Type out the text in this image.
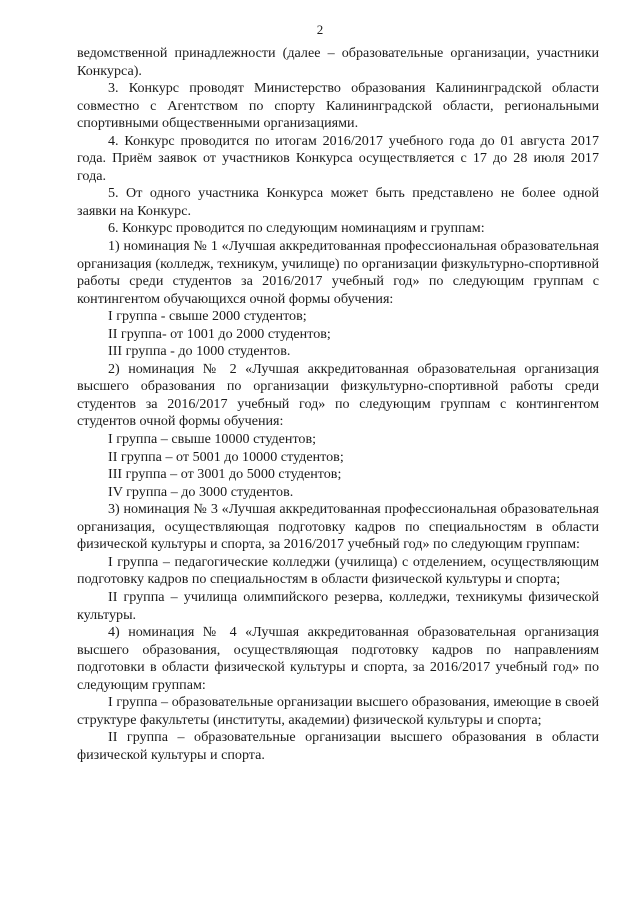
2

ведомственной принадлежности (далее – образовательные организации, участники Конкурса).

3. Конкурс проводят Министерство образования Калининградской области совместно с Агентством по спорту Калининградской области, региональными спортивными общественными организациями.

4. Конкурс проводится по итогам 2016/2017 учебного года до 01 августа 2017 года. Приём заявок от участников Конкурса осуществляется с 17 до 28 июля 2017 года.

5. От одного участника Конкурса может быть представлено не более одной заявки на Конкурс.

6. Конкурс проводится по следующим номинациям и группам:

1) номинация № 1 «Лучшая аккредитованная профессиональная образовательная организация (колледж, техникум, училище) по организации физкультурно-спортивной работы среди студентов за 2016/2017 учебный год» по следующим группам с контингентом обучающихся очной формы обучения:

I группа - свыше 2000 студентов;

II группа- от 1001 до 2000 студентов;

III группа - до 1000 студентов.

2) номинация № 2 «Лучшая аккредитованная образовательная организация высшего образования по организации физкультурно-спортивной работы среди студентов за 2016/2017 учебный год» по следующим группам с контингентом студентов очной формы обучения:

I группа – свыше 10000 студентов;

II группа – от 5001 до 10000 студентов;

III группа – от 3001 до 5000 студентов;

IV группа – до 3000 студентов.

3) номинация № 3 «Лучшая аккредитованная профессиональная образовательная организация, осуществляющая подготовку кадров по специальностям в области физической культуры и спорта, за 2016/2017 учебный год» по следующим группам:

I группа – педагогические колледжи (училища) с отделением, осуществляющим подготовку кадров по специальностям в области физической культуры и спорта;

II группа – училища олимпийского резерва, колледжи, техникумы физической культуры.

4) номинация № 4 «Лучшая аккредитованная образовательная организация высшего образования, осуществляющая подготовку кадров по направлениям подготовки в области физической культуры и спорта, за 2016/2017 учебный год» по следующим группам:

I группа – образовательные организации высшего образования, имеющие в своей структуре факультеты (институты, академии) физической культуры и спорта;

II группа – образовательные организации высшего образования в области физической культуры и спорта.
